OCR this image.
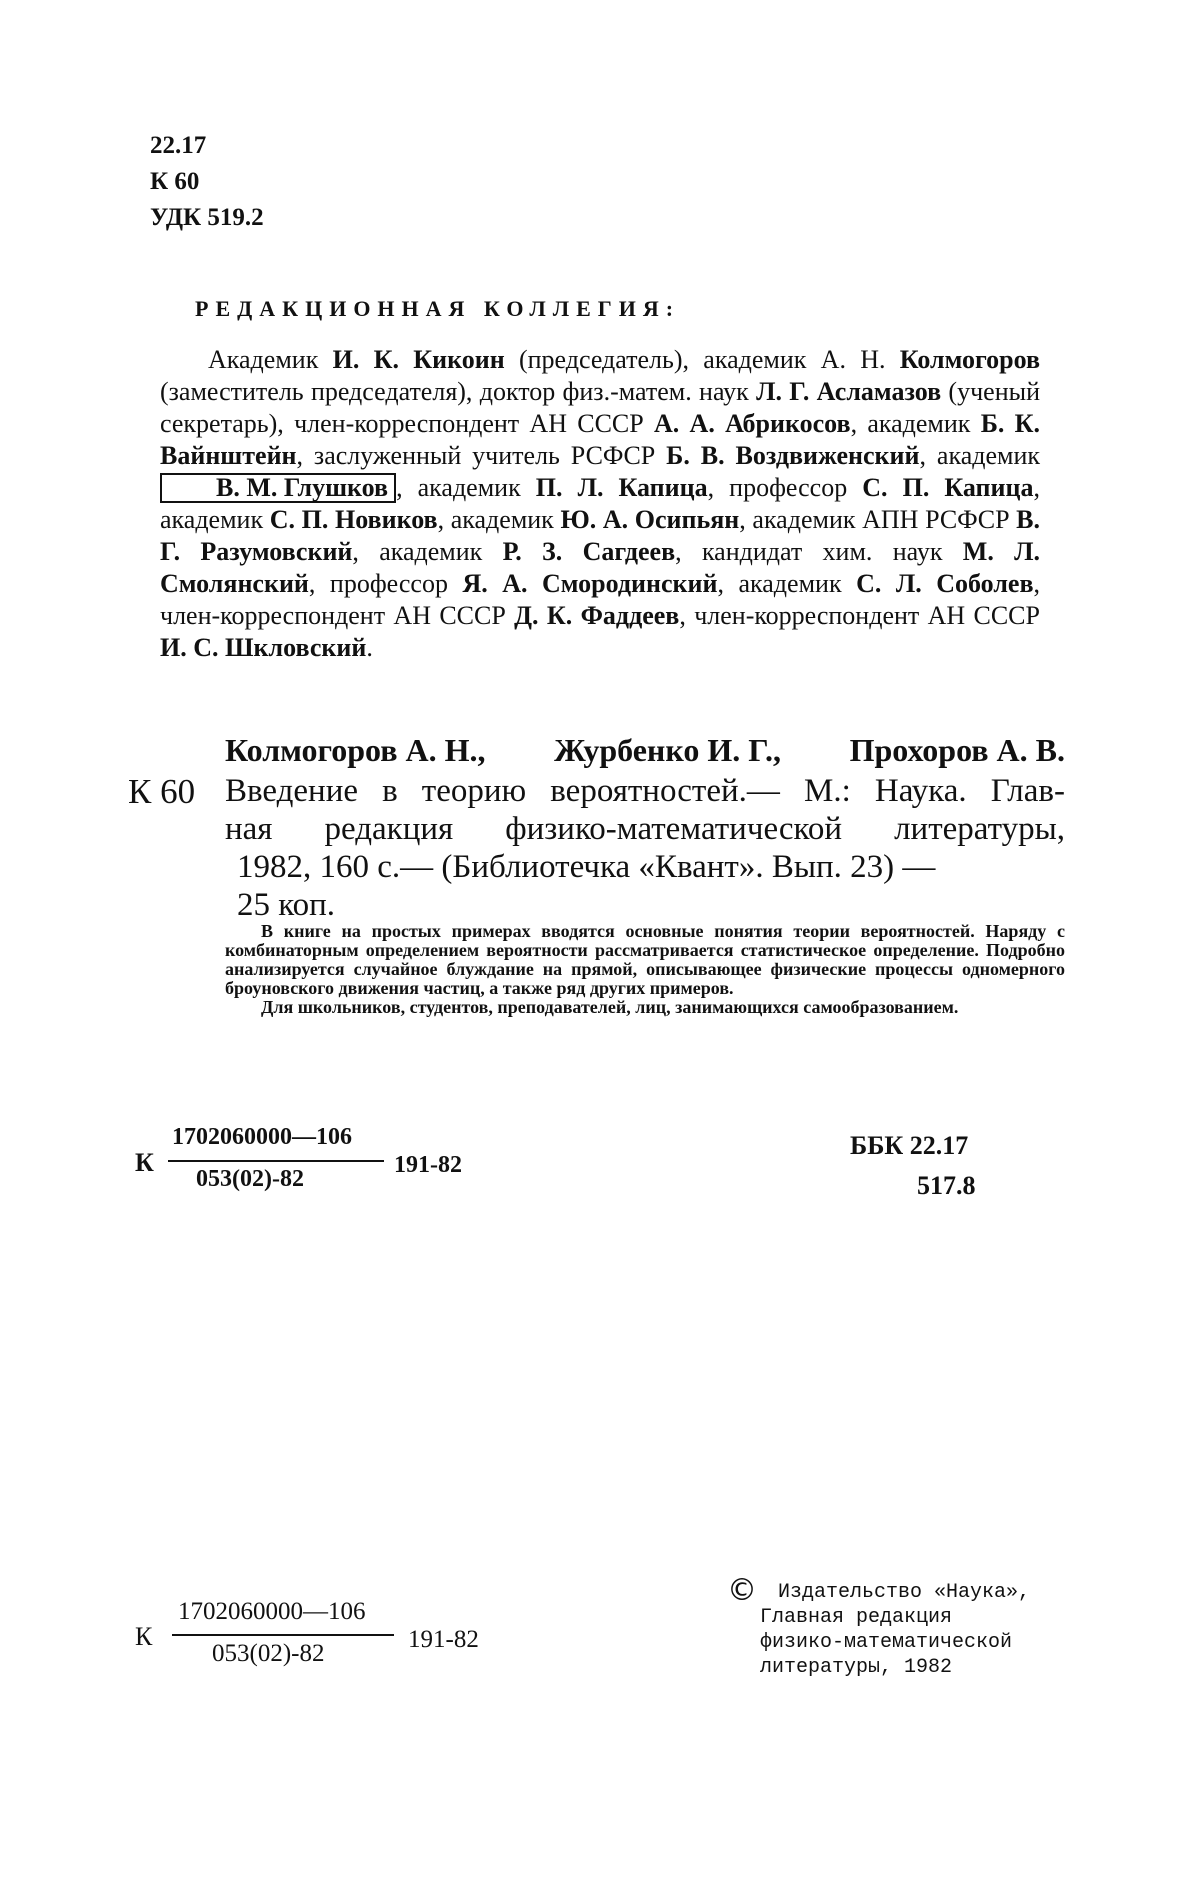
22.17
К 60
УДК 519.2
РЕДАКЦИОННАЯ КОЛЛЕГИЯ:
Академик И. К. Кикоин (председатель), академик А. Н. Колмогоров (заместитель председателя), доктор физ.-матем. наук Л. Г. Асламазов (ученый секретарь), член-корреспондент АН СССР А. А. Абрикосов, академик Б. К. Вайнштейн, заслуженный учитель РСФСР Б. В. Воздвиженский, академик В. М. Глушков , академик П. Л. Капица, профессор С. П. Капица, академик С. П. Новиков, академик Ю. А. Осипьян, академик АПН РСФСР В. Г. Разумовский, академик Р. З. Сагдеев, кандидат хим. наук М. Л. Смолянский, профессор Я. А. Смородинский, академик С. Л. Соболев, член-корреспондент АН СССР Д. К. Фаддеев, член-корреспондент АН СССР И. С. Шкловский.
Колмогоров А. Н., Журбенко И. Г., Прохоров А. В.
К 60 Введение в теорию вероятностей.— М.: Наука. Глав-
ная редакция физико-математической литературы,
1982, 160 с.— (Библиотечка «Квант». Вып. 23) —
25 коп.

В книге на простых примерах вводятся основные понятия теории вероятностей. Наряду с комбинаторным определением вероятности рассматривается статистическое определение. Подробно анализируется случайное блуждание на прямой, описывающее физические процессы одномерного броуновского движения частиц, а также ряд других примеров.

Для школьников, студентов, преподавателей, лиц, занимающихся самообразованием.

К
1702060000—106
053(02)-82
191-82
ББК 22.17
517.8
К
1702060000—106
053(02)-82
191-82
©	Издательство «Наука»,
Главная редакция
физико-математической
литературы, 1982
